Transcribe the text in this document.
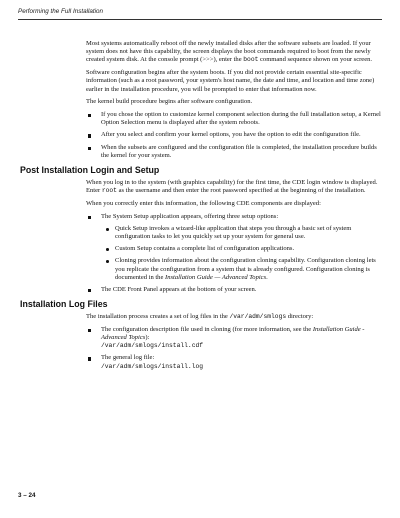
Performing the Full Installation

Most systems automatically reboot off the newly installed disks after the software subsets are loaded. If your system does not have this capability, the screen displays the boot commands required to boot from the newly created system disk. At the console prompt (>>>), enter the boot command sequence shown on your screen.

Software configuration begins after the system boots. If you did not provide certain essential site-specific information (such as a root password, your system's host name, the date and time, and location and time zone) earlier in the installation procedure, you will be prompted to enter that information now.

The kernel build procedure begins after software configuration.

If you chose the option to customize kernel component selection during the full installation setup, a Kernel Option Selection menu is displayed after the system reboots.
After you select and confirm your kernel options, you have the option to edit the configuration file.
When the subsets are configured and the configuration file is completed, the installation procedure builds the kernel for your system.
Post Installation Login and Setup

When you log in to the system (with graphics capability) for the first time, the CDE login window is displayed. Enter root as the username and then enter the root password specified at the beginning of the installation.

When you correctly enter this information, the following CDE components are displayed:

The System Setup application appears, offering three setup options:
Quick Setup invokes a wizard-like application that steps you through a basic set of system configuration tasks to let you quickly set up your system for general use.
Custom Setup contains a complete list of configuration applications.
Cloning provides information about the configuration cloning capability. Configuration cloning lets you replicate the configuration from a system that is already configured. Configuration cloning is documented in the Installation Guide — Advanced Topics.
The CDE Front Panel appears at the bottom of your screen.
Installation Log Files

The installation process creates a set of log files in the /var/adm/smlogs directory:

The configuration description file used in cloning (for more information, see the Installation Guide - Advanced Topics):
/var/adm/smlogs/install.cdf
The general log file:
/var/adm/smlogs/install.log
3 – 24
